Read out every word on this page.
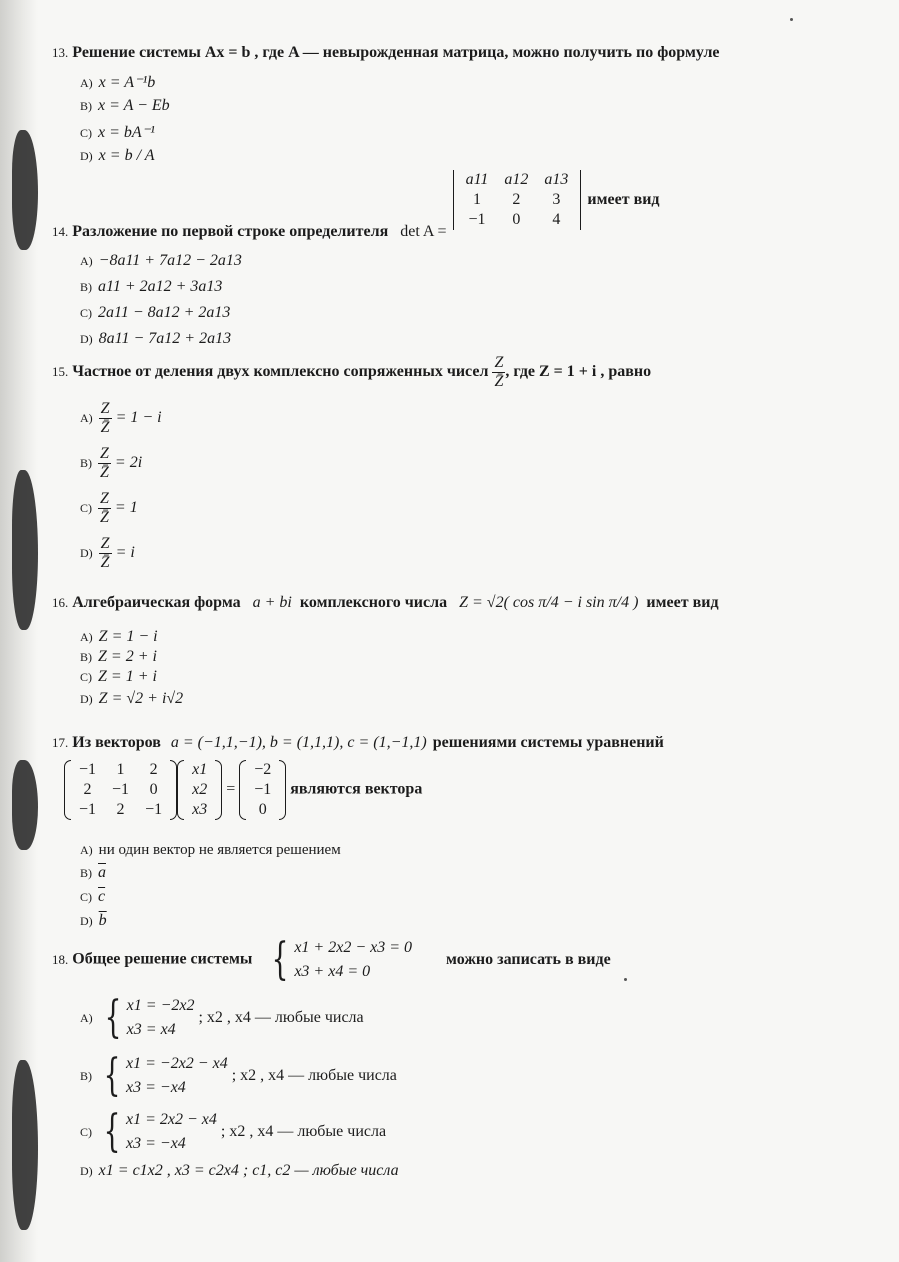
13. Решение системы Ax = b , где A — невырожденная матрица, можно получить по формуле
A) x = A⁻¹b
B) x = A − Eb
C) x = bA⁻¹
D) x = b / A
$_{14.}$ Разложение по первой строке определителя det A =
a11	a12	a13
1	2	3
−1	0	4
имеет вид
A) −8a11 + 7a12 − 2a13
B) a11 + 2a12 + 3a13
C) 2a11 − 8a12 + 2a13
D) 8a11 − 7a12 + 2a13
15. Частное от деления двух комплексно сопряженных чисел $\frac{Z}{Z̄}$ , где Z = 1 + i , равно
$A) \frac{Z}{Z̄} = 1 - i$
$B) \frac{Z}{Z̄} = 2i$
$C) \frac{Z}{Z̄} = 1$
$D) \frac{Z}{Z̄} = i$
16. Алгебраическая форма a + bi комплексного числа Z = √2( cos π/4 − i sin π/4 ) имеет вид
A) Z = 1 − i
B) Z = 2 + i
C) Z = 1 + i
D) Z = √2 + i√2
17. Из векторов a = (−1,1,−1), b = (1,1,1), c = (1,−1,1) решениями системы уравнений
−1	1	2
2	−1	0
−1	2	−1
x1
x2
x3
=
−2
−1
0
являются вектора
A) ни один вектор не является решением
B) $\overline{a}$
C) $\overline{c}$
D) $\overline{b}$
18. Общее решение системы { x1 + 2x2 − x3 = 0
x3 + x4 = 0
можно записать в виде
A) { x1 = −2x2
x3 = x4
; x2 , x4 — любые числа
B) { x1 = −2x2 − x4
x3 = −x4
; x2 , x4 — любые числа
C) { x1 = 2x2 − x4
x3 = −x4
; x2 , x4 — любые числа
D) x1 = c1x2 , x3 = c2x4 ; c1, c2 — любые числа
